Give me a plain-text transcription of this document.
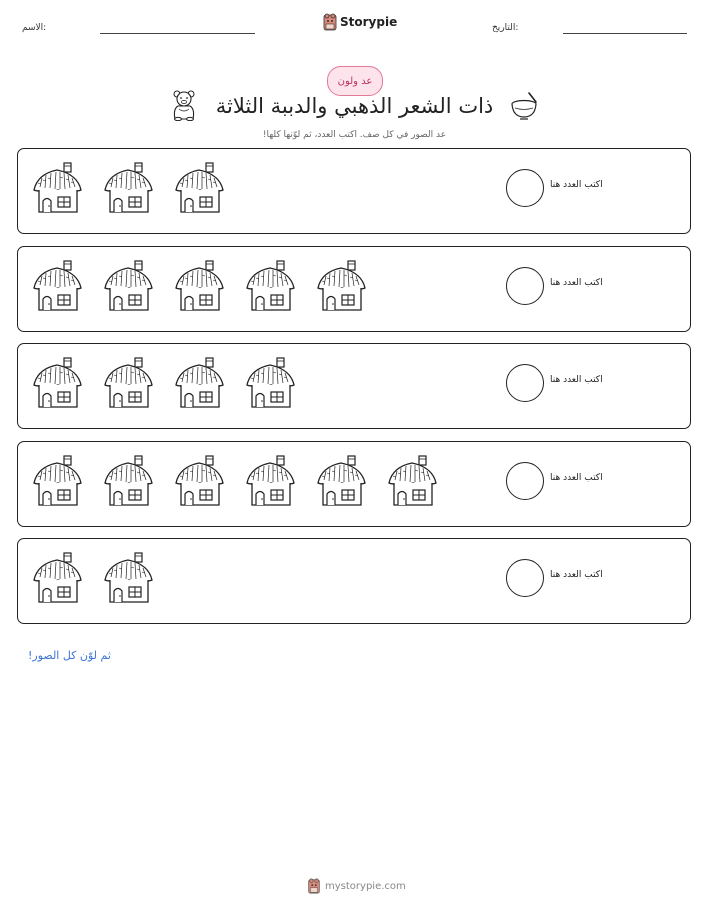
الاسم:	Storypie	التاريخ:
عد ولون
ذات الشعر الذهبي والدببة الثلاثة
عد الصور في كل صف. اكتب العدد، ثم لوّنها كلها!
اكتب العدد هنا
اكتب العدد هنا
اكتب العدد هنا
اكتب العدد هنا
اكتب العدد هنا
ثم لوّن كل الصور!
mystorypie.com
